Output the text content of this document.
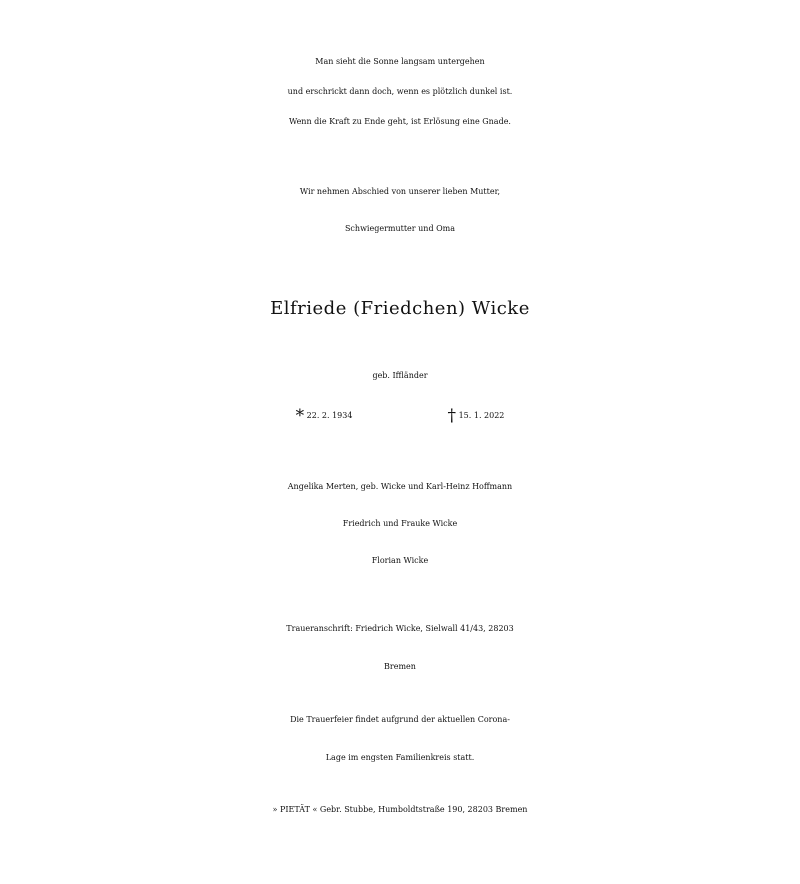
Man sieht die Sonne langsam untergehen
und erschrickt dann doch, wenn es plötzlich dunkel ist.
Wenn die Kraft zu Ende geht, ist Erlösung eine Gnade.
Wir nehmen Abschied von unserer lieben Mutter,
Schwiegermutter und Oma
Elfriede (Friedchen) Wicke
geb. Iffländer
* 22. 2. 1934	† 15. 1. 2022
Angelika Merten, geb. Wicke und Karl-Heinz Hoffmann
Friedrich und Frauke Wicke
Florian Wicke
Traueranschrift: Friedrich Wicke, Sielwall 41/43, 28203
Bremen
Die Trauerfeier findet aufgrund der aktuellen Corona-
Lage im engsten Familienkreis statt.
» PIETÄT « Gebr. Stubbe, Humboldtstraße 190, 28203 Bremen
